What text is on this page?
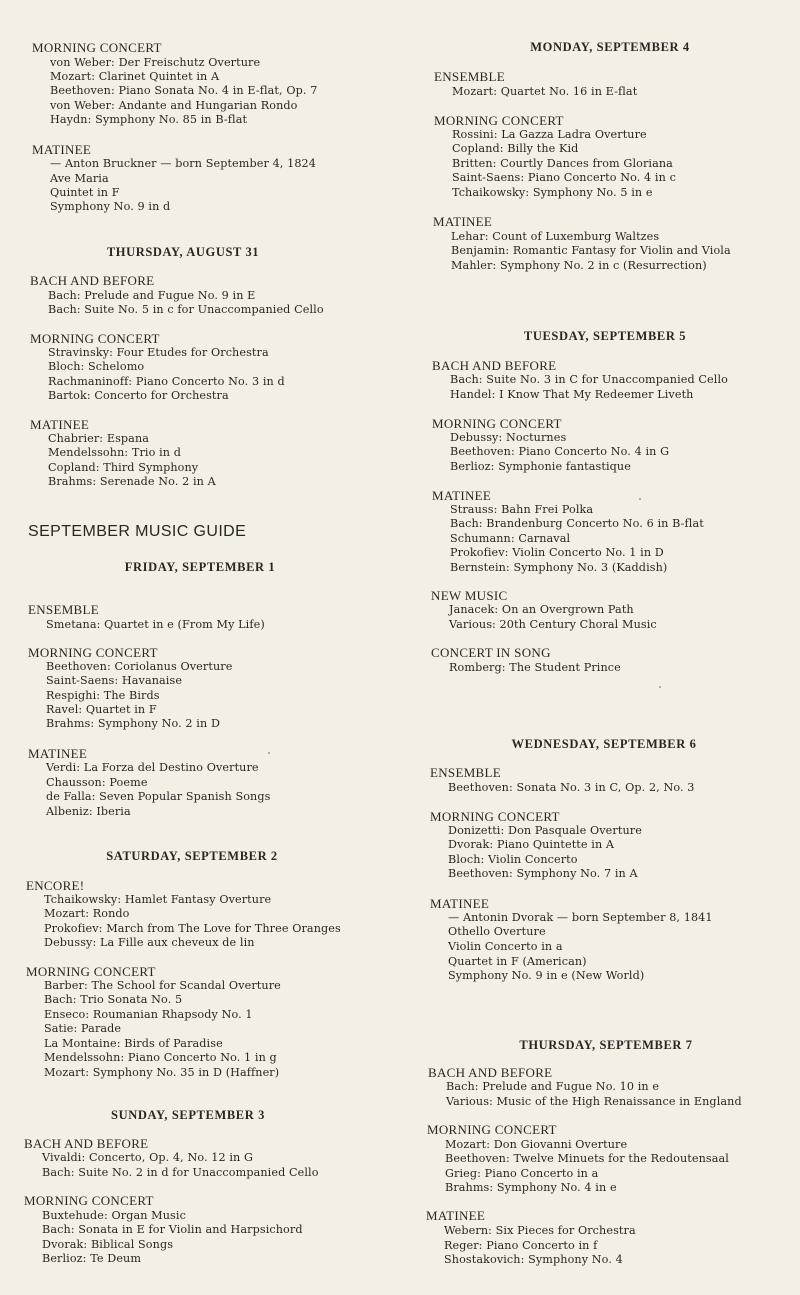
MORNING CONCERT
von Weber: Der Freischutz Overture
Mozart: Clarinet Quintet in A
Beethoven: Piano Sonata No. 4 in E-flat, Op. 7
von Weber: Andante and Hungarian Rondo
Haydn: Symphony No. 85 in B-flat
MATINEE
— Anton Bruckner — born September 4, 1824
Ave Maria
Quintet in F
Symphony No. 9 in d
THURSDAY, AUGUST 31
BACH AND BEFORE
Bach: Prelude and Fugue No. 9 in E
Bach: Suite No. 5 in c for Unaccompanied Cello
MORNING CONCERT
Stravinsky: Four Etudes for Orchestra
Bloch: Schelomo
Rachmaninoff: Piano Concerto No. 3 in d
Bartok: Concerto for Orchestra
MATINEE
Chabrier: Espana
Mendelssohn: Trio in d
Copland: Third Symphony
Brahms: Serenade No. 2 in A
SEPTEMBER MUSIC GUIDE
FRIDAY, SEPTEMBER 1
ENSEMBLE
Smetana: Quartet in e (From My Life)
MORNING CONCERT
Beethoven: Coriolanus Overture
Saint-Saens: Havanaise
Respighi: The Birds
Ravel: Quartet in F
Brahms: Symphony No. 2 in D
MATINEE
Verdi: La Forza del Destino Overture
Chausson: Poeme
de Falla: Seven Popular Spanish Songs
Albeniz: Iberia
SATURDAY, SEPTEMBER 2
ENCORE!
Tchaikowsky: Hamlet Fantasy Overture
Mozart: Rondo
Prokofiev: March from The Love for Three Oranges
Debussy: La Fille aux cheveux de lin
MORNING CONCERT
Barber: The School for Scandal Overture
Bach: Trio Sonata No. 5
Enseco: Roumanian Rhapsody No. 1
Satie: Parade
La Montaine: Birds of Paradise
Mendelssohn: Piano Concerto No. 1 in g
Mozart: Symphony No. 35 in D (Haffner)
SUNDAY, SEPTEMBER 3
BACH AND BEFORE
Vivaldi: Concerto, Op. 4, No. 12 in G
Bach: Suite No. 2 in d for Unaccompanied Cello
MORNING CONCERT
Buxtehude: Organ Music
Bach: Sonata in E for Violin and Harpsichord
Dvorak: Biblical Songs
Berlioz: Te Deum
MONDAY, SEPTEMBER 4
ENSEMBLE
Mozart: Quartet No. 16 in E-flat
MORNING CONCERT
Rossini: La Gazza Ladra Overture
Copland: Billy the Kid
Britten: Courtly Dances from Gloriana
Saint-Saens: Piano Concerto No. 4 in c
Tchaikowsky: Symphony No. 5 in e
MATINEE
Lehar: Count of Luxemburg Waltzes
Benjamin: Romantic Fantasy for Violin and Viola
Mahler: Symphony No. 2 in c (Resurrection)
TUESDAY, SEPTEMBER 5
BACH AND BEFORE
Bach: Suite No. 3 in C for Unaccompanied Cello
Handel: I Know That My Redeemer Liveth
MORNING CONCERT
Debussy: Nocturnes
Beethoven: Piano Concerto No. 4 in G
Berlioz: Symphonie fantastique
MATINEE
Strauss: Bahn Frei Polka
Bach: Brandenburg Concerto No. 6 in B-flat
Schumann: Carnaval
Prokofiev: Violin Concerto No. 1 in D
Bernstein: Symphony No. 3 (Kaddish)
NEW MUSIC
Janacek: On an Overgrown Path
Various: 20th Century Choral Music
CONCERT IN SONG
Romberg: The Student Prince
WEDNESDAY, SEPTEMBER 6
ENSEMBLE
Beethoven: Sonata No. 3 in C, Op. 2, No. 3
MORNING CONCERT
Donizetti: Don Pasquale Overture
Dvorak: Piano Quintette in A
Bloch: Violin Concerto
Beethoven: Symphony No. 7 in A
MATINEE
— Antonin Dvorak — born September 8, 1841
Othello Overture
Violin Concerto in a
Quartet in F (American)
Symphony No. 9 in e (New World)
THURSDAY, SEPTEMBER 7
BACH AND BEFORE
Bach: Prelude and Fugue No. 10 in e
Various: Music of the High Renaissance in England
MORNING CONCERT
Mozart: Don Giovanni Overture
Beethoven: Twelve Minuets for the Redoutensaal
Grieg: Piano Concerto in a
Brahms: Symphony No. 4 in e
MATINEE
Webern: Six Pieces for Orchestra
Reger: Piano Concerto in f
Shostakovich: Symphony No. 4
